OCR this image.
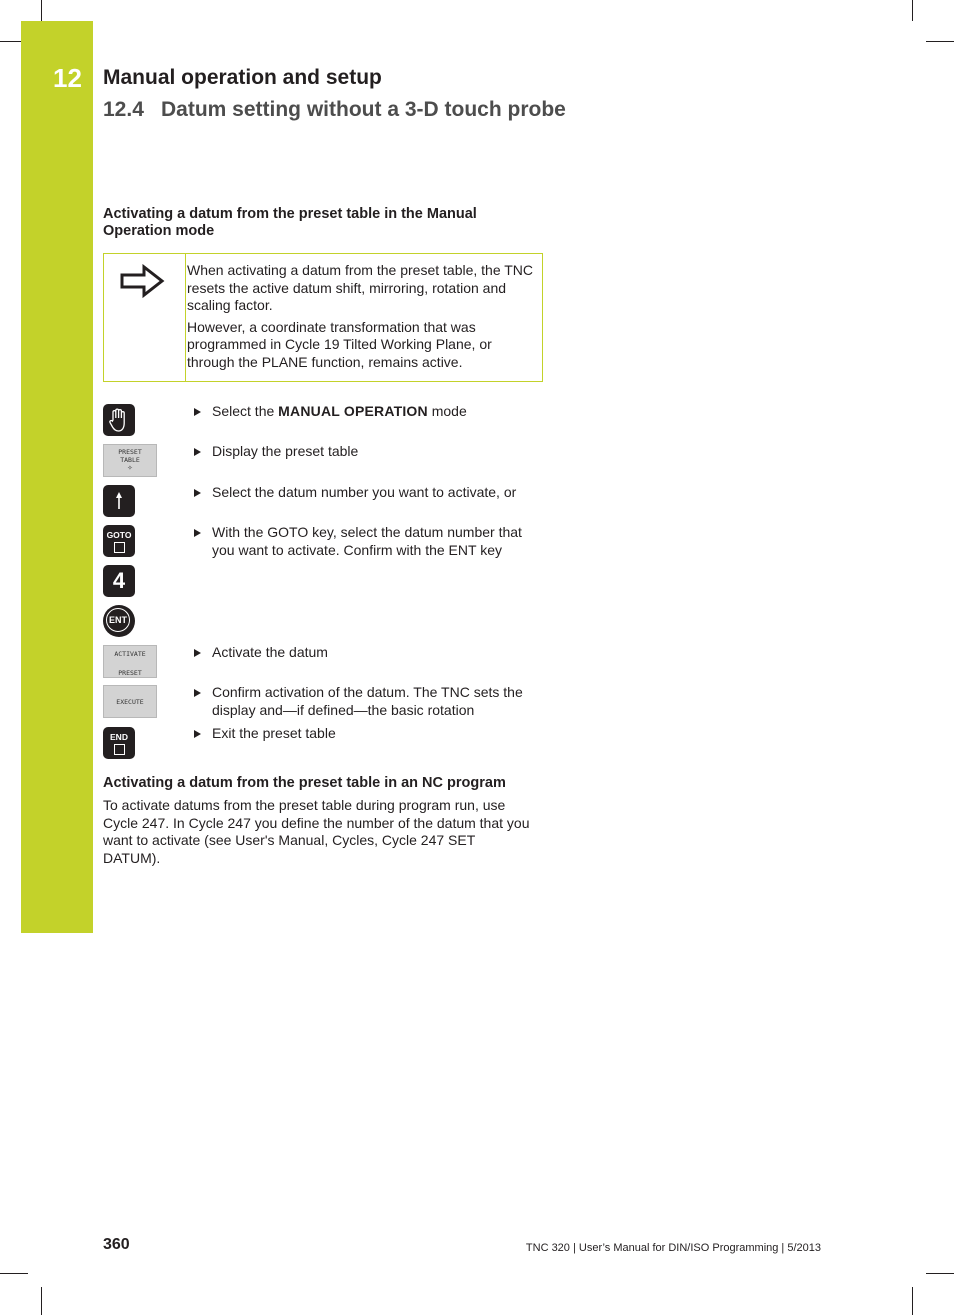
12 Manual operation and setup
12.4 Datum setting without a 3-D touch probe
Activating a datum from the preset table in the Manual
Operation mode

When activating a datum from the preset table, the TNC resets the active datum shift, mirroring, rotation and scaling factor.

However, a coordinate transformation that was programmed in Cycle 19 Tilted Working Plane, or through the PLANE function, remains active.

Select the MANUAL OPERATION mode
PRESET
TABLE
✧
Display the preset table
Select the datum number you want to activate, or
GOTO	With the GOTO key, select the datum number that you want to activate. Confirm with the ENT key
4
ENT
ACTIVATE
PRESET
Activate the datum
EXECUTE
Confirm activation of the datum. The TNC sets the display and—if defined—the basic rotation
END	Exit the preset table
Activating a datum from the preset table in an NC program
To activate datums from the preset table during program run, use Cycle 247. In Cycle 247 you define the number of the datum that you want to activate (see User's Manual, Cycles, Cycle 247 SET DATUM).
360	TNC 320 | User’s Manual for DIN/ISO Programming | 5/2013
